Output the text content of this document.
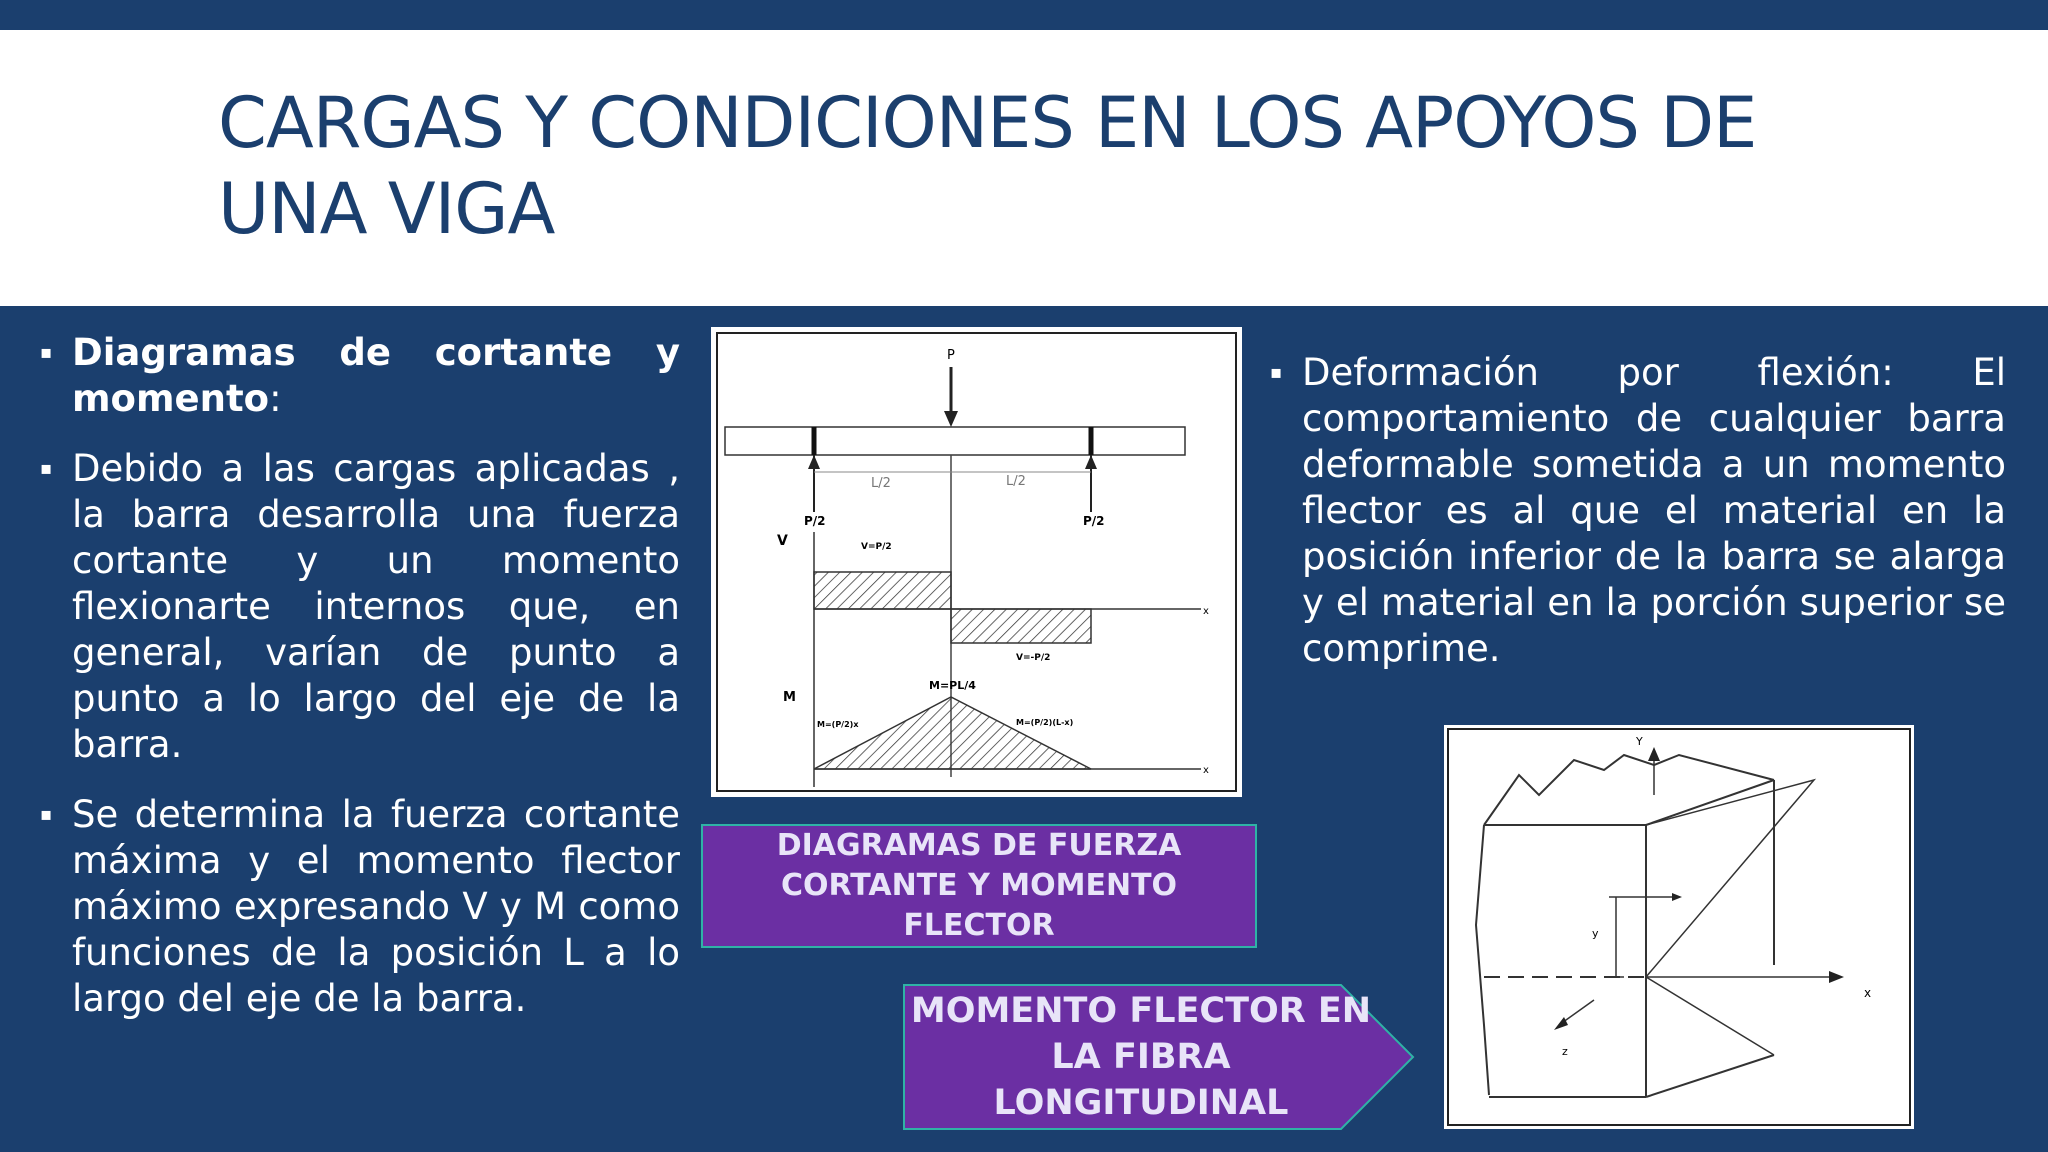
CARGAS Y CONDICIONES EN LOS APOYOS DE UNA VIGA

▪ Diagramas de cortante y momento:

▪ Debido a las cargas aplicadas , la barra desarrolla una fuerza cortante y un momento flexionarte internos que, en general, varían de punto a punto a lo largo del eje de la barra.

▪ Se determina la fuerza cortante máxima y el momento flector máximo expresando V y M como funciones de la posición L a lo largo del eje de la barra.

▪ Deformación por flexión: El comportamiento de cualquier barra deformable sometida a un momento flector es al que el material en la posición inferior de la barra se alarga y el material en la porción superior se comprime.

P
L/2	L/2
P/2	P/2
V
x
V=P/2
V=-P/2
M
x
M=PL/4
M=(P/2)x	M=(P/2)(L-x)
DIAGRAMAS DE FUERZA CORTANTE Y MOMENTO FLECTOR
x
Y
y
z
MOMENTO FLECTOR EN LA FIBRA LONGITUDINAL
